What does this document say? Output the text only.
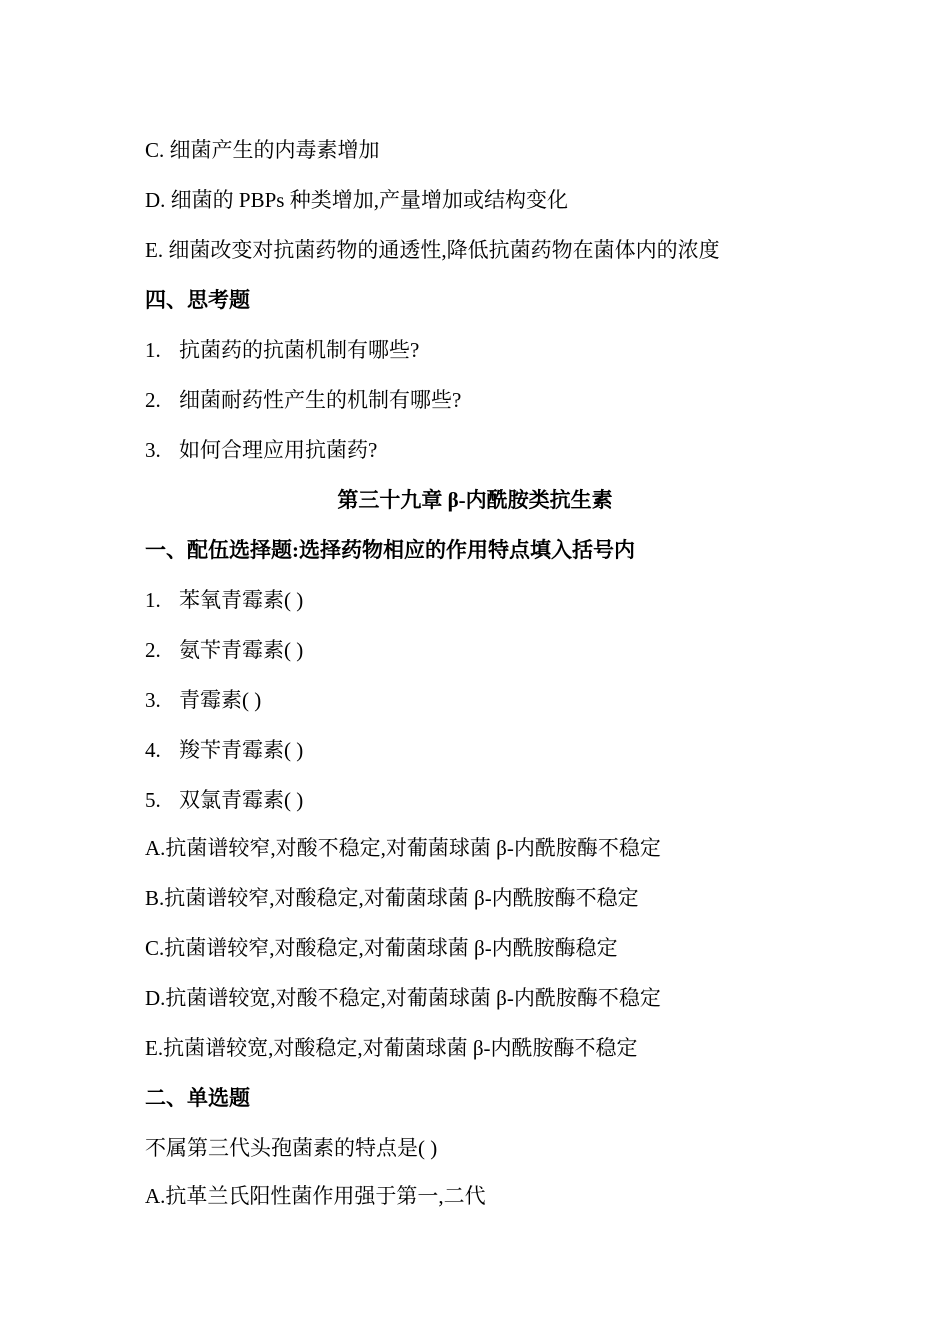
C. 细菌产生的内毒素增加
D. 细菌的 PBPs 种类增加,产量增加或结构变化
E. 细菌改变对抗菌药物的通透性,降低抗菌药物在菌体内的浓度
四、思考题
1. 抗菌药的抗菌机制有哪些?
2. 细菌耐药性产生的机制有哪些?
3. 如何合理应用抗菌药?
第三十九章 β-内酰胺类抗生素
一、配伍选择题:选择药物相应的作用特点填入括号内
1. 苯氧青霉素( )
2. 氨苄青霉素( )
3. 青霉素( )
4. 羧苄青霉素( )
5. 双氯青霉素( )
A.抗菌谱较窄,对酸不稳定,对葡菌球菌 β-内酰胺酶不稳定
B.抗菌谱较窄,对酸稳定,对葡菌球菌 β-内酰胺酶不稳定
C.抗菌谱较窄,对酸稳定,对葡菌球菌 β-内酰胺酶稳定
D.抗菌谱较宽,对酸不稳定,对葡菌球菌 β-内酰胺酶不稳定
E.抗菌谱较宽,对酸稳定,对葡菌球菌 β-内酰胺酶不稳定
二、单选题
不属第三代头孢菌素的特点是( )
A.抗革兰氏阳性菌作用强于第一,二代
